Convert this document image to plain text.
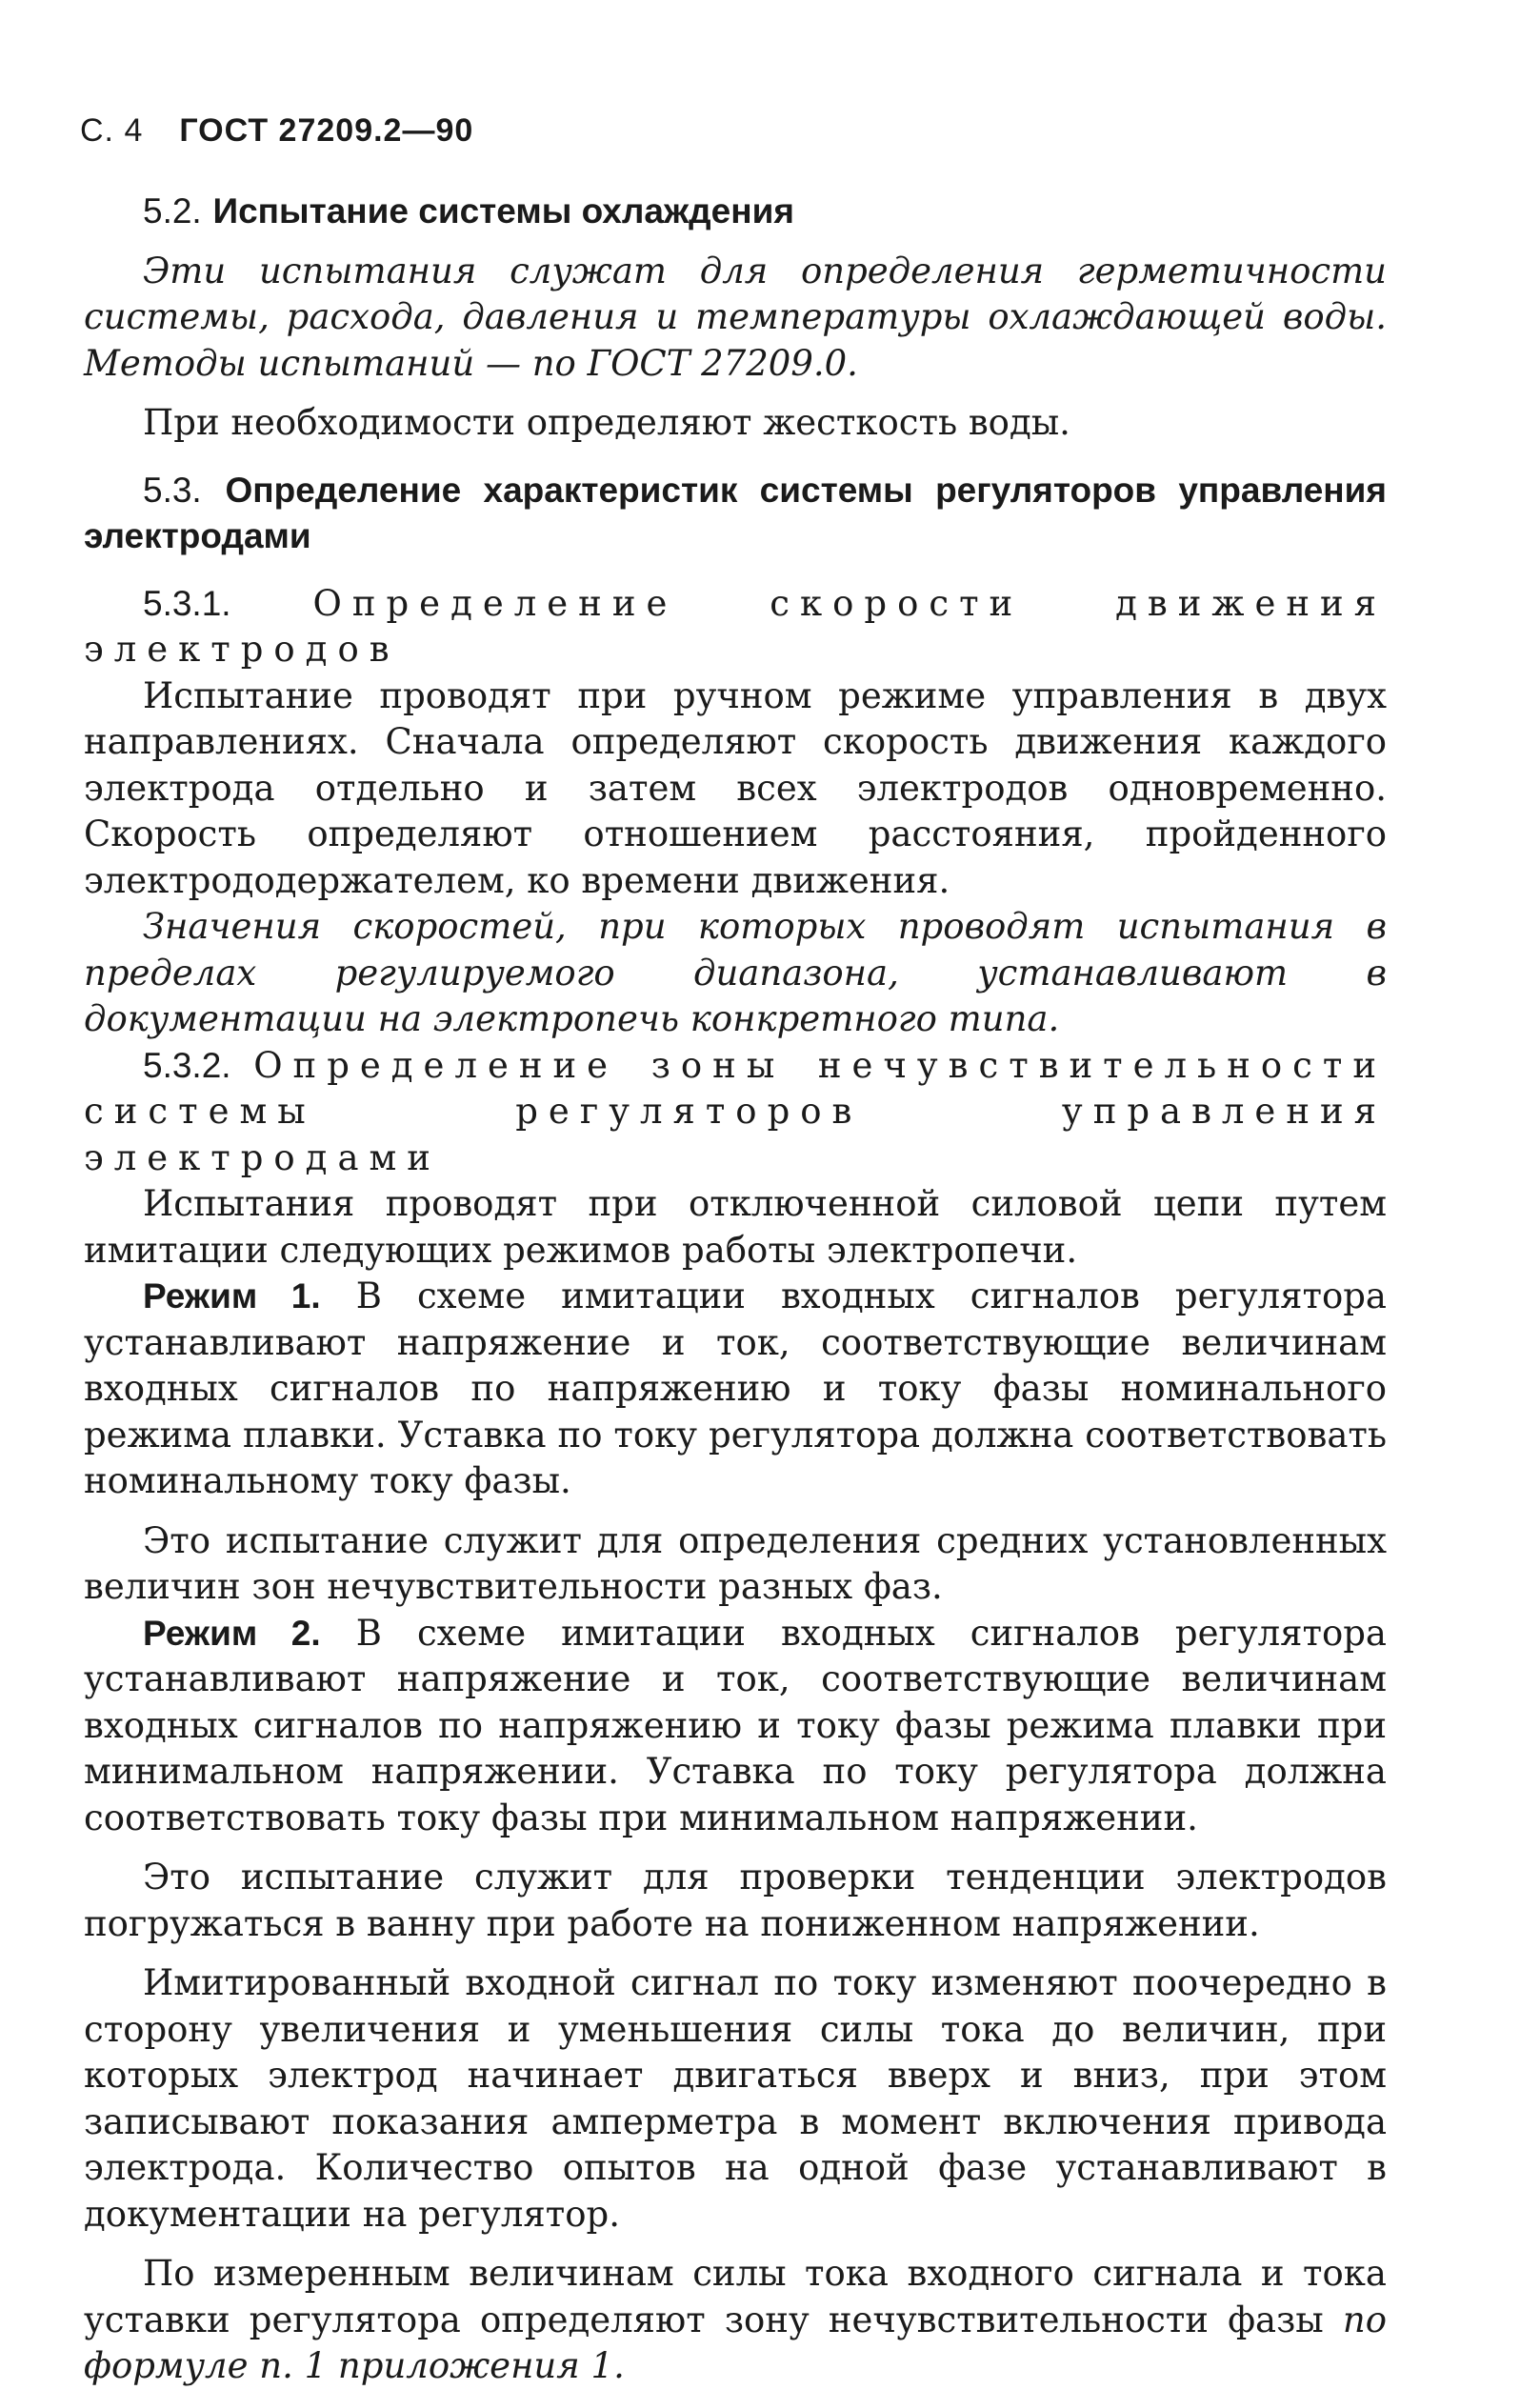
С. 4 ГОСТ 27209.2—90

5.2. Испытание системы охлаждения

Эти испытания служат для определения герметичности системы, расхода, давления и температуры охлаждающей воды. Методы испытаний — по ГОСТ 27209.0.

При необходимости определяют жесткость воды.

5.3. Определение характеристик системы регуляторов управления электродами

5.3.1. Определение скорости движения электродов

Испытание проводят при ручном режиме управления в двух направлениях. Сначала определяют скорость движения каждого электрода отдельно и затем всех электродов одновременно. Скорость определяют отношением расстояния, пройденного электрододержателем, ко времени движения.

Значения скоростей, при которых проводят испытания в пределах регулируемого диапазона, устанавливают в документации на электропечь конкретного типа.

5.3.2. Определение зоны нечувствительности системы регуляторов управления электродами

Испытания проводят при отключенной силовой цепи путем имитации следующих режимов работы электропечи.

Режим 1. В схеме имитации входных сигналов регулятора устанавливают напряжение и ток, соответствующие величинам входных сигналов по напряжению и току фазы номинального режима плавки. Уставка по току регулятора должна соответствовать номинальному току фазы.

Это испытание служит для определения средних установленных величин зон нечувствительности разных фаз.

Режим 2. В схеме имитации входных сигналов регулятора устанавливают напряжение и ток, соответствующие величинам входных сигналов по напряжению и току фазы режима плавки при минимальном напряжении. Уставка по току регулятора должна соответствовать току фазы при минимальном напряжении.

Это испытание служит для проверки тенденции электродов погружаться в ванну при работе на пониженном напряжении.

Имитированный входной сигнал по току изменяют поочередно в сторону увеличения и уменьшения силы тока до величин, при которых электрод начинает двигаться вверх и вниз, при этом записывают показания амперметра в момент включения привода электрода. Количество опытов на одной фазе устанавливают в документации на регулятор.

По измеренным величинам силы тока входного сигнала и тока уставки регулятора определяют зону нечувствительности фазы по формуле п. 1 приложения 1.
